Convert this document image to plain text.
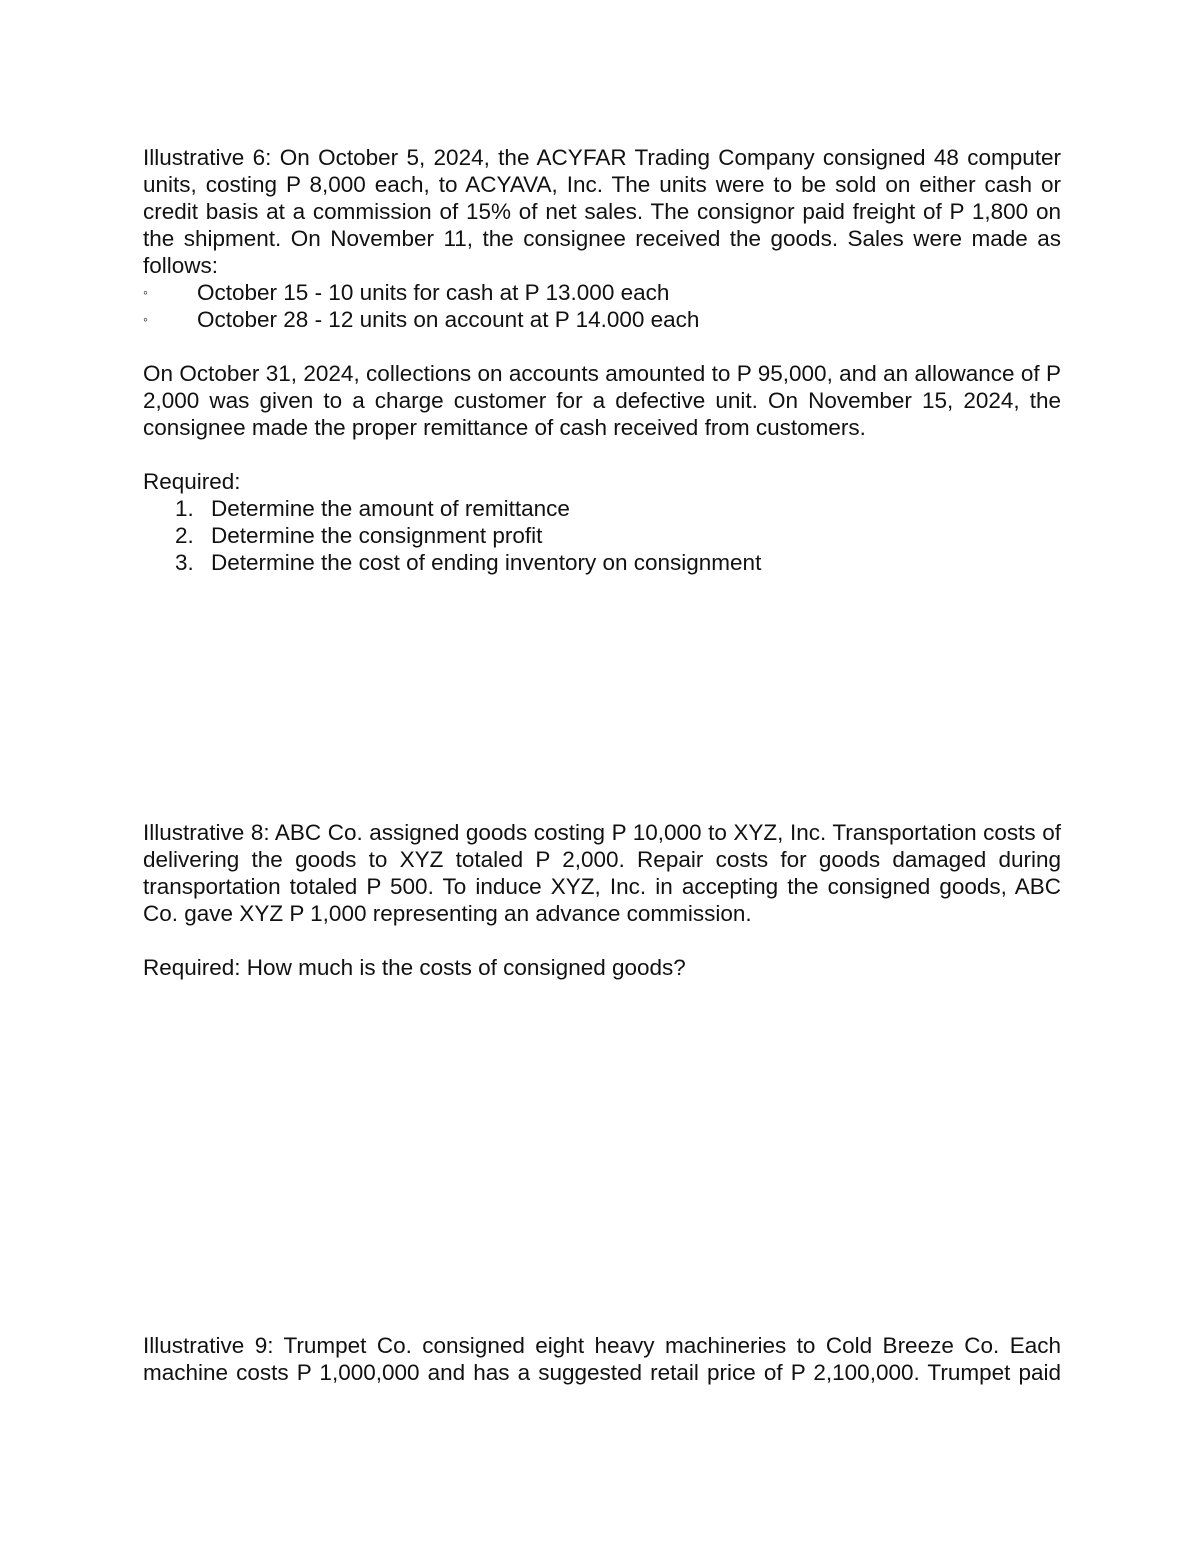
Illustrative 6: On October 5, 2024, the ACYFAR Trading Company consigned 48 computer units, costing P 8,000 each, to ACYAVA, Inc. The units were to be sold on either cash or credit basis at a commission of 15% of net sales. The consignor paid freight of P 1,800 on the shipment. On November 11, the consignee received the goods. Sales were made as follows:

◦ October 15 - 10 units for cash at P 13.000 each
◦ October 28 - 12 units on account at P 14.000 each

On October 31, 2024, collections on accounts amounted to P 95,000, and an allowance of P 2,000 was given to a charge customer for a defective unit. On November 15, 2024, the consignee made the proper remittance of cash received from customers.

Required:

1. Determine the amount of remittance
2. Determine the consignment profit
3. Determine the cost of ending inventory on consignment

Illustrative 8: ABC Co. assigned goods costing P 10,000 to XYZ, Inc. Transportation costs of delivering the goods to XYZ totaled P 2,000. Repair costs for goods damaged during transportation totaled P 500. To induce XYZ, Inc. in accepting the consigned goods, ABC Co. gave XYZ P 1,000 representing an advance commission.

Required: How much is the costs of consigned goods?

Illustrative 9: Trumpet Co. consigned eight heavy machineries to Cold Breeze Co. Each machine costs P 1,000,000 and has a suggested retail price of P 2,100,000. Trumpet paid
